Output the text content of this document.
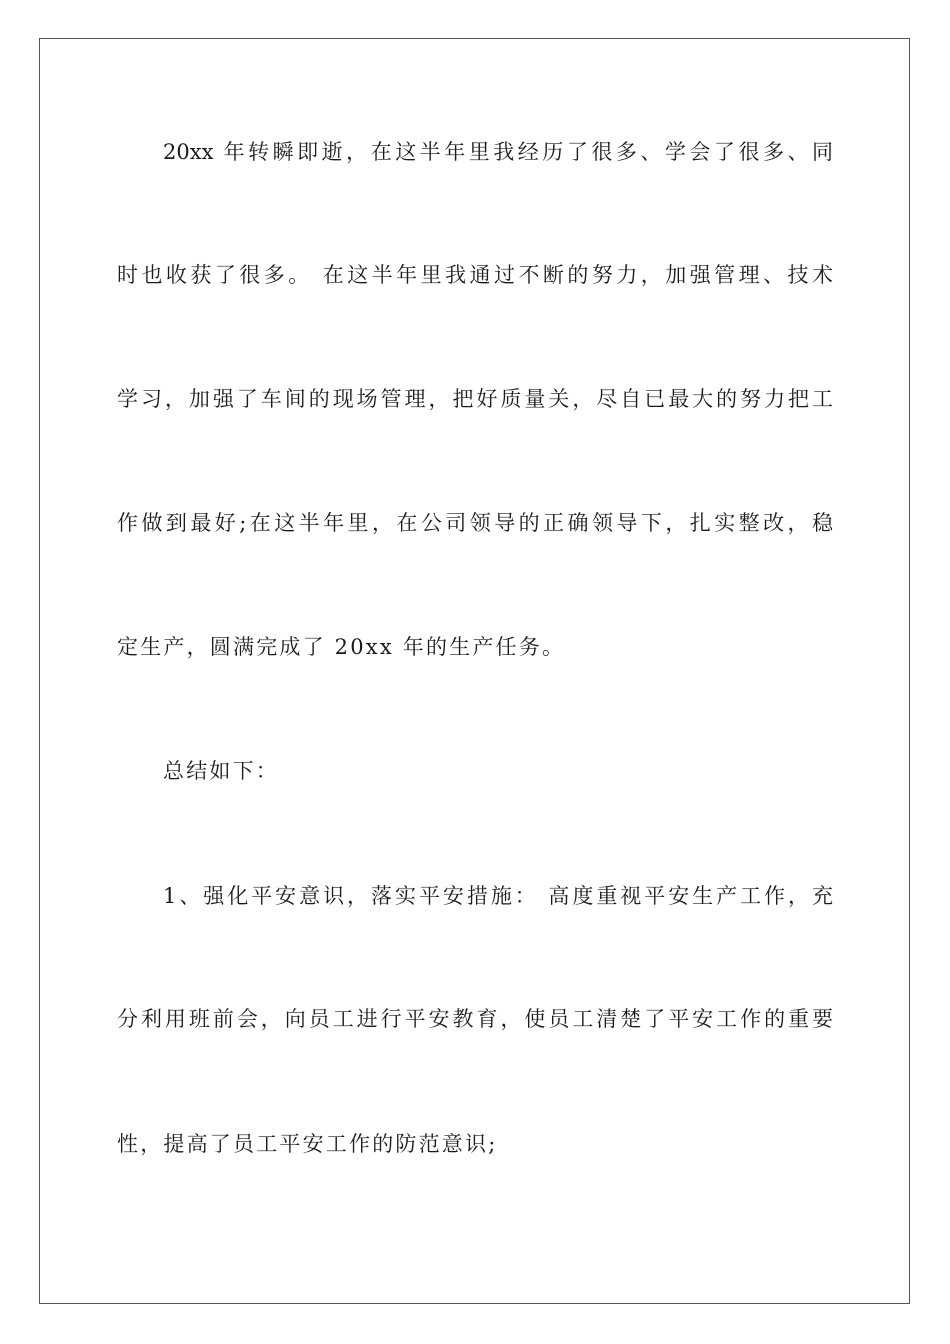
20xx 年转瞬即逝，在这半年里我经历了很多、学会了很多、同
时也收获了很多。 在这半年里我通过不断的努力，加强管理、技术
学习，加强了车间的现场管理，把好质量关，尽自已最大的努力把工
作做到最好;在这半年里，在公司领导的正确领导下，扎实整改，稳
定生产，圆满完成了 20xx 年的生产任务。
总结如下：
1、强化平安意识，落实平安措施： 高度重视平安生产工作，充
分利用班前会，向员工进行平安教育，使员工清楚了平安工作的重要
性，提高了员工平安工作的防范意识;
